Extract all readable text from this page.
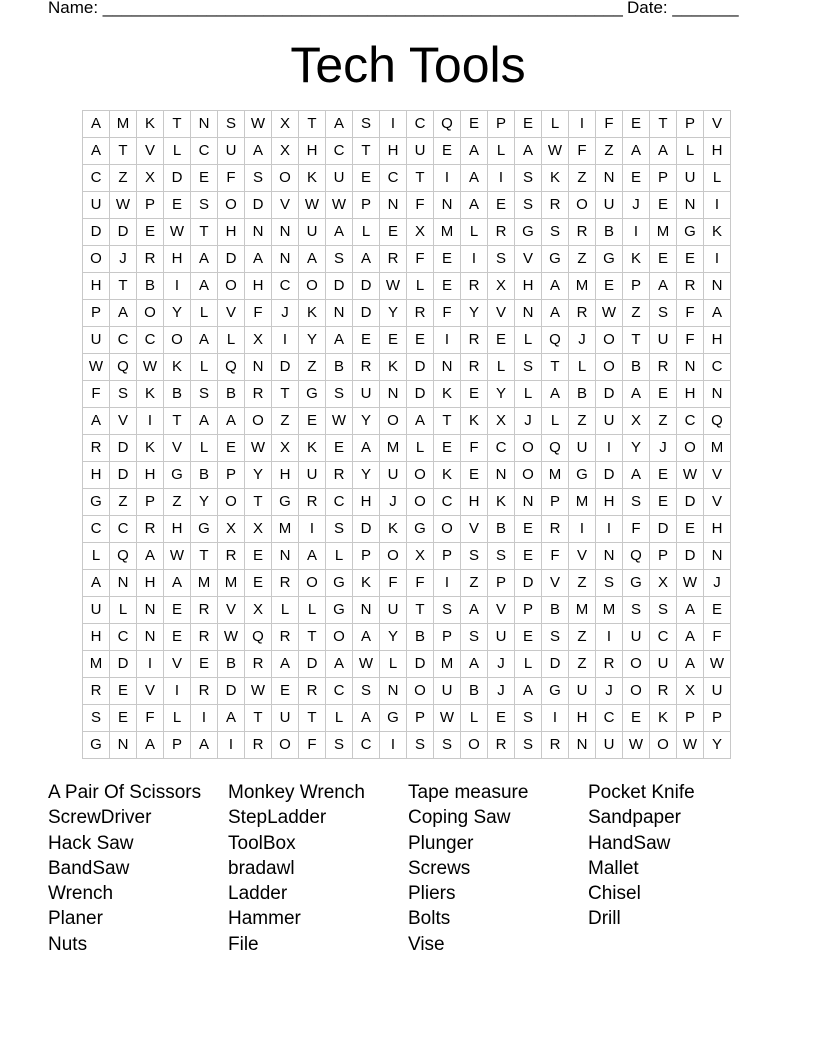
Name: _______________________________________________________ Date: _______
Tech Tools
A	M	K	T	N	S	W	X	T	A	S	I	C	Q	E	P	E	L	I	F	E	T	P	V
A	T	V	L	C	U	A	X	H	C	T	H	U	E	A	L	A	W	F	Z	A	A	L	H
C	Z	X	D	E	F	S	O	K	U	E	C	T	I	A	I	S	K	Z	N	E	P	U	L
U	W	P	E	S	O	D	V	W	W	P	N	F	N	A	E	S	R	O	U	J	E	N	I
D	D	E	W	T	H	N	N	U	A	L	E	X	M	L	R	G	S	R	B	I	M	G	K
O	J	R	H	A	D	A	N	A	S	A	R	F	E	I	S	V	G	Z	G	K	E	E	I
H	T	B	I	A	O	H	C	O	D	D	W	L	E	R	X	H	A	M	E	P	A	R	N
P	A	O	Y	L	V	F	J	K	N	D	Y	R	F	Y	V	N	A	R	W	Z	S	F	A
U	C	C	O	A	L	X	I	Y	A	E	E	E	I	R	E	L	Q	J	O	T	U	F	H
W	Q	W	K	L	Q	N	D	Z	B	R	K	D	N	R	L	S	T	L	O	B	R	N	C
F	S	K	B	S	B	R	T	G	S	U	N	D	K	E	Y	L	A	B	D	A	E	H	N
A	V	I	T	A	A	O	Z	E	W	Y	O	A	T	K	X	J	L	Z	U	X	Z	C	Q
R	D	K	V	L	E	W	X	K	E	A	M	L	E	F	C	O	Q	U	I	Y	J	O	M
H	D	H	G	B	P	Y	H	U	R	Y	U	O	K	E	N	O	M	G	D	A	E	W	V
G	Z	P	Z	Y	O	T	G	R	C	H	J	O	C	H	K	N	P	M	H	S	E	D	V
C	C	R	H	G	X	X	M	I	S	D	K	G	O	V	B	E	R	I	I	F	D	E	H
L	Q	A	W	T	R	E	N	A	L	P	O	X	P	S	S	E	F	V	N	Q	P	D	N
A	N	H	A	M	M	E	R	O	G	K	F	F	I	Z	P	D	V	Z	S	G	X	W	J
U	L	N	E	R	V	X	L	L	G	N	U	T	S	A	V	P	B	M	M	S	S	A	E
H	C	N	E	R	W	Q	R	T	O	A	Y	B	P	S	U	E	S	Z	I	U	C	A	F
M	D	I	V	E	B	R	A	D	A	W	L	D	M	A	J	L	D	Z	R	O	U	A	W
R	E	V	I	R	D	W	E	R	C	S	N	O	U	B	J	A	G	U	J	O	R	X	U
S	E	F	L	I	A	T	U	T	L	A	G	P	W	L	E	S	I	H	C	E	K	P	P
G	N	A	P	A	I	R	O	F	S	C	I	S	S	O	R	S	R	N	U	W	O	W	Y
A Pair Of Scissors
ScrewDriver
Hack Saw
BandSaw
Wrench
Planer
Nuts
Monkey Wrench
StepLadder
ToolBox
bradawl
Ladder
Hammer
File
Tape measure
Coping Saw
Plunger
Screws
Pliers
Bolts
Vise
Pocket Knife
Sandpaper
HandSaw
Mallet
Chisel
Drill
